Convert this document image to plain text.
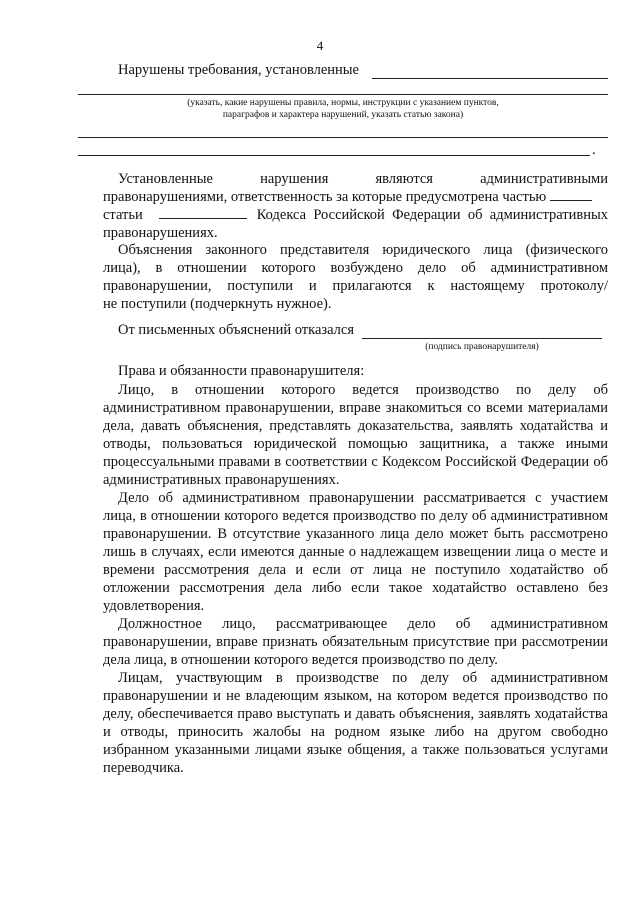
4
Нарушены требования, установленные
(указать, какие нарушены правила, нормы, инструкции с указанием пунктов,
параграфов и характера нарушений, указать статью закона)
.
Установленные нарушения являются административными
правонарушениями, ответственность за которые предусмотрена частью
статьи	Кодекса Российской Федерации об административных
правонарушениях.
Объяснения законного представителя юридического лица (физического
лица), в отношении которого возбуждено дело об административном
правонарушении, поступили и прилагаются к настоящему протоколу/
не поступили (подчеркнуть нужное).
От письменных объяснений отказался
(подпись правонарушителя)
Права и обязанности правонарушителя:
Лицо, в отношении которого ведется производство по делу об
административном правонарушении, вправе знакомиться со всеми материалами
дела, давать объяснения, представлять доказательства, заявлять ходатайства и
отводы, пользоваться юридической помощью защитника, а также иными
процессуальными правами в соответствии с Кодексом Российской Федерации об
административных правонарушениях.
Дело об административном правонарушении рассматривается с участием
лица, в отношении которого ведется производство по делу об административном
правонарушении. В отсутствие указанного лица дело может быть рассмотрено
лишь в случаях, если имеются данные о надлежащем извещении лица о месте и
времени рассмотрения дела и если от лица не поступило ходатайство об
отложении рассмотрения дела либо если такое ходатайство оставлено без
удовлетворения.
Должностное лицо, рассматривающее дело об административном
правонарушении, вправе признать обязательным присутствие при рассмотрении
дела лица, в отношении которого ведется производство по делу.
Лицам, участвующим в производстве по делу об административном
правонарушении и не владеющим языком, на котором ведется производство по
делу, обеспечивается право выступать и давать объяснения, заявлять ходатайства
и отводы, приносить жалобы на родном языке либо на другом свободно
избранном указанными лицами языке общения, а также пользоваться услугами
переводчика.
